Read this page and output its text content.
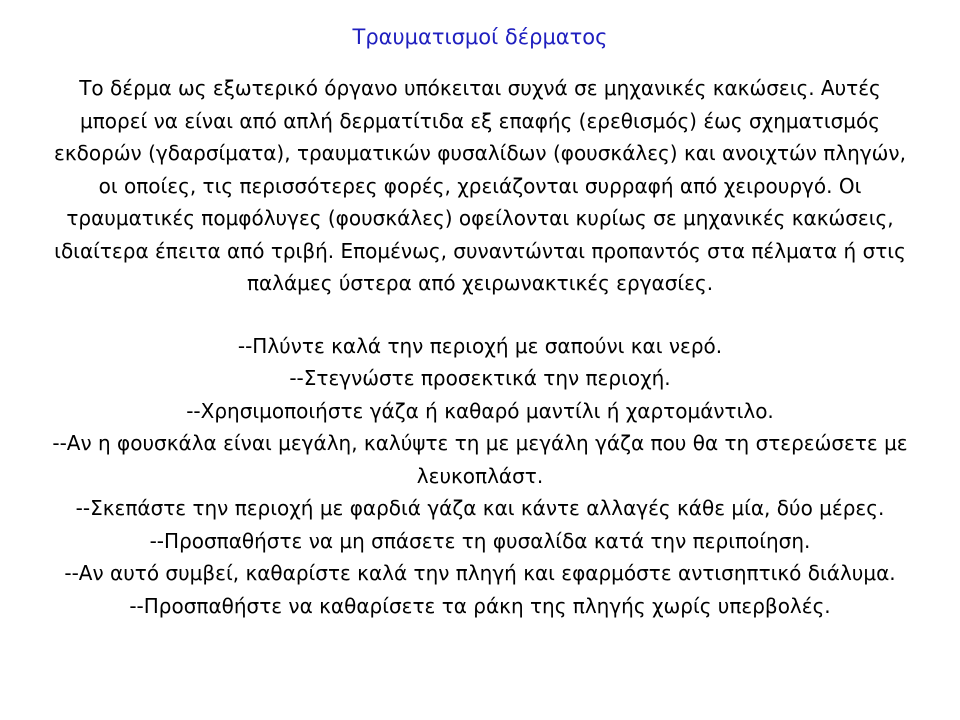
Τραυματισμοί δέρματος

Το δέρμα ως εξωτερικό όργανο υπόκειται συχνά σε μηχανικές κακώσεις. Αυτές μπορεί να είναι από απλή δερματίτιδα εξ επαφής (ερεθισμός) έως σχηματισμός εκδορών (γδαρσίματα), τραυματικών φυσαλίδων (φουσκάλες) και ανοιχτών πληγών, οι οποίες, τις περισσότερες φορές, χρειάζονται συρραφή από χειρουργό. Οι τραυματικές πομφόλυγες (φουσκάλες) οφείλονται κυρίως σε μηχανικές κακώσεις, ιδιαίτερα έπειτα από τριβή. Επομένως, συναντώνται προπαντός στα πέλματα ή στις παλάμες ύστερα από χειρωνακτικές εργασίες.

--Πλύντε καλά την περιοχή με σαπούνι και νερό.
--Στεγνώστε προσεκτικά την περιοχή.
--Χρησιμοποιήστε γάζα ή καθαρό μαντίλι ή χαρτομάντιλο.
--Αν η φουσκάλα είναι μεγάλη, καλύψτε τη με μεγάλη γάζα που θα τη στερεώσετε με λευκοπλάστ.
--Σκεπάστε την περιοχή με φαρδιά γάζα και κάντε αλλαγές κάθε μία, δύο μέρες.
--Προσπαθήστε να μη σπάσετε τη φυσαλίδα κατά την περιποίηση.
--Αν αυτό συμβεί, καθαρίστε καλά την πληγή και εφαρμόστε αντισηπτικό διάλυμα.
--Προσπαθήστε να καθαρίσετε τα ράκη της πληγής χωρίς υπερβολές.
